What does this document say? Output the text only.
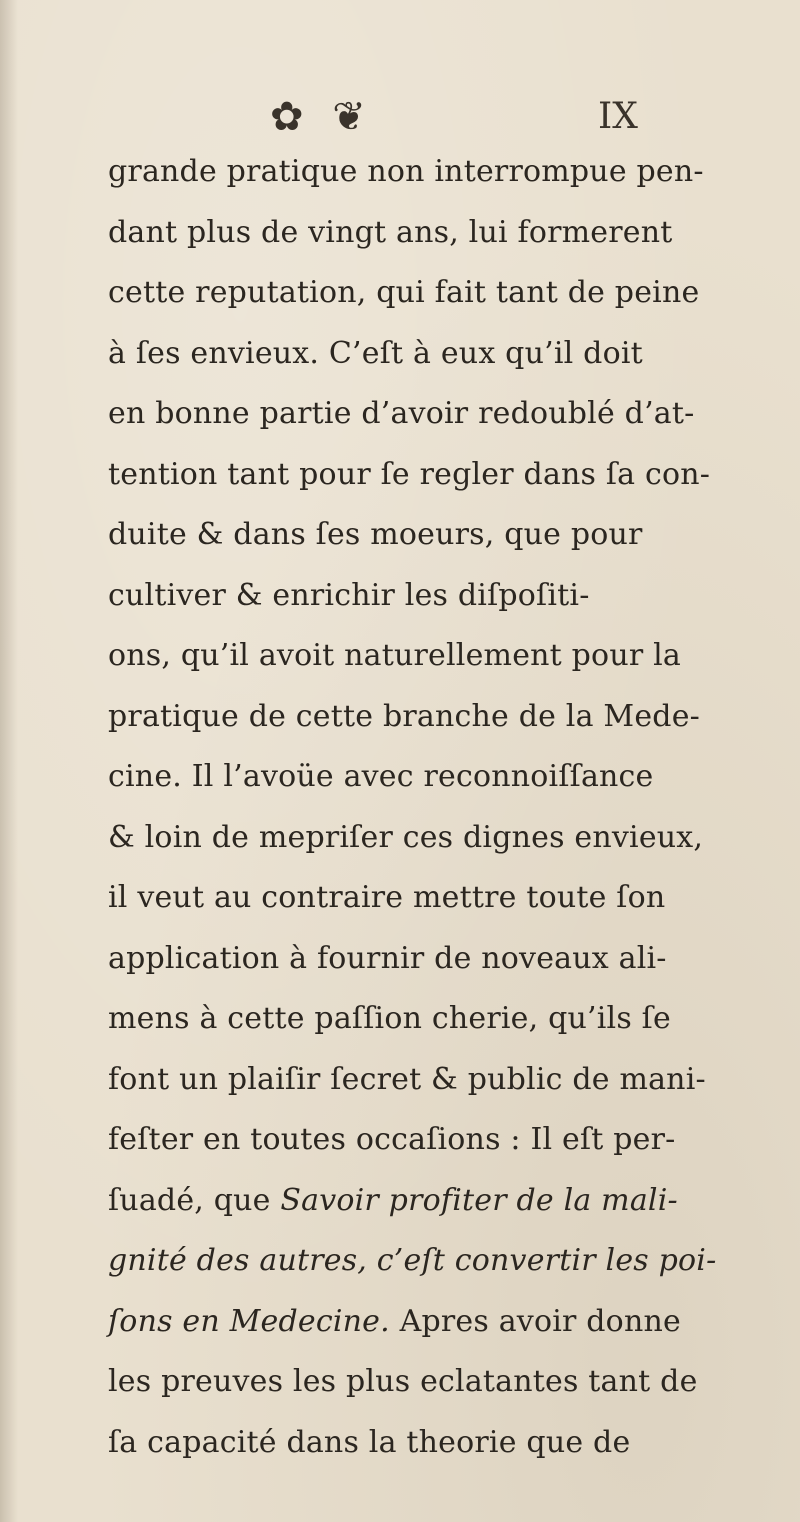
✿ ❦	IX
grande pratique non interrompue pen-
dant plus de vingt ans, lui formerent
cette reputation, qui fait tant de peine
à ſes envieux. C’eſt à eux qu’il doit
en bonne partie d’avoir redoublé d’at-
tention tant pour ſe regler dans ſa con-
duite & dans ſes moeurs, que pour
cultiver & enrichir les diſpoſiti-
ons, qu’il avoit naturellement pour la
pratique de cette branche de la Mede-
cine. Il l’avoüe avec reconnoiſſance
& loin de mepriſer ces dignes envieux,
il veut au contraire mettre toute ſon
application à fournir de noveaux ali-
mens à cette paſſion cherie, qu’ils ſe
font un plaiſir ſecret & public de mani-
feſter en toutes occaſions : Il eſt per-
ſuadé, que Savoir profiter de la mali-
gnité des autres, c’eſt convertir les poi-
ſons en Medecine. Apres avoir donne
les preuves les plus eclatantes tant de
ſa capacité dans la theorie que de
